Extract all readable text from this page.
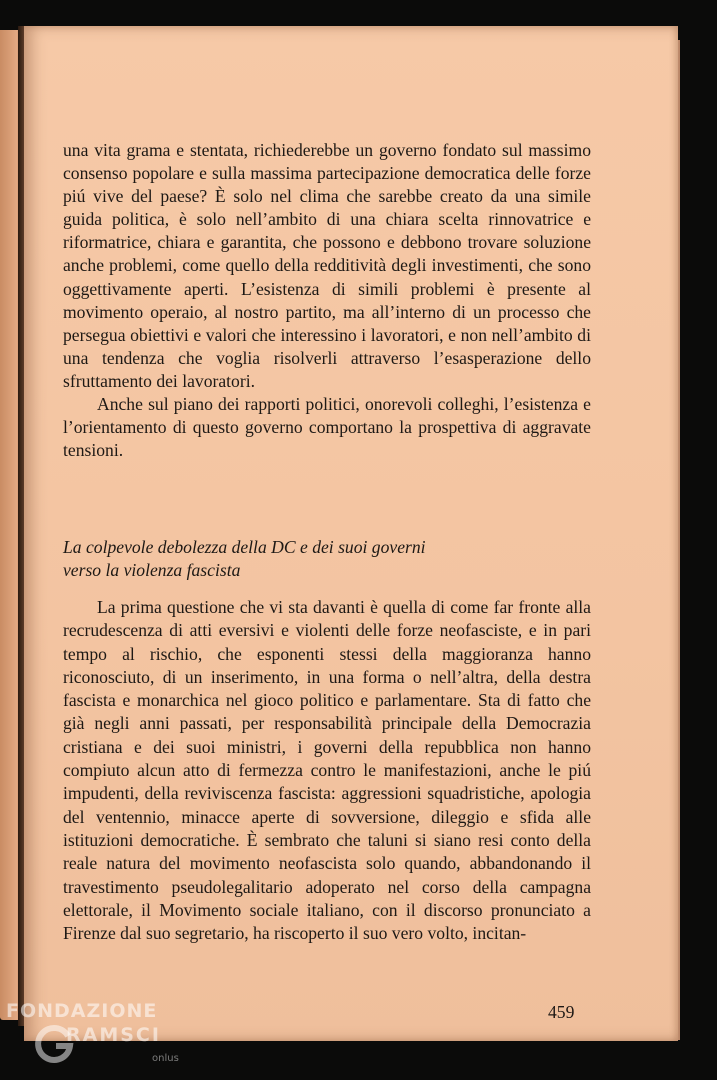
una vita grama e stentata, richiederebbe un governo fondato sul massimo consenso popolare e sulla massima partecipazione democratica delle forze piú vive del paese? È solo nel clima che sarebbe creato da una simile guida politica, è solo nell’ambito di una chiara scelta rinnovatrice e riformatrice, chiara e garantita, che possono e debbono trovare soluzione anche problemi, come quello della redditività degli investimenti, che sono oggettivamente aperti. L’esistenza di simili problemi è presente al movimento operaio, al nostro partito, ma all’interno di un processo che persegua obiettivi e valori che interessino i lavoratori, e non nell’ambito di una tendenza che voglia risolverli attraverso l’esasperazione dello sfruttamento dei lavoratori.

Anche sul piano dei rapporti politici, onorevoli colleghi, l’esistenza e l’orientamento di questo governo comportano la prospettiva di aggravate tensioni.

La colpevole debolezza della DC e dei suoi governi
verso la violenza fascista

La prima questione che vi sta davanti è quella di come far fronte alla recrudescenza di atti eversivi e violenti delle forze neofasciste, e in pari tempo al rischio, che esponenti stessi della maggioranza hanno riconosciuto, di un inserimento, in una forma o nell’altra, della destra fascista e monarchica nel gioco politico e parlamentare. Sta di fatto che già negli anni passati, per responsabilità principale della Democrazia cristiana e dei suoi ministri, i governi della repubblica non hanno compiuto alcun atto di fermezza contro le manifestazioni, anche le piú impudenti, della reviviscenza fascista: aggressioni squadristiche, apologia del ventennio, minacce aperte di sovversione, dileggio e sfida alle istituzioni democratiche. È sembrato che taluni si siano resi conto della reale natura del movimento neofascista solo quando, abbandonando il travestimento pseudolegalitario adoperato nel corso della campagna elettorale, il Movimento sociale italiano, con il discorso pronunciato a Firenze dal suo segretario, ha riscoperto il suo vero volto, incitan-

459
FONDAZIONE
RAMSCI
onlus
